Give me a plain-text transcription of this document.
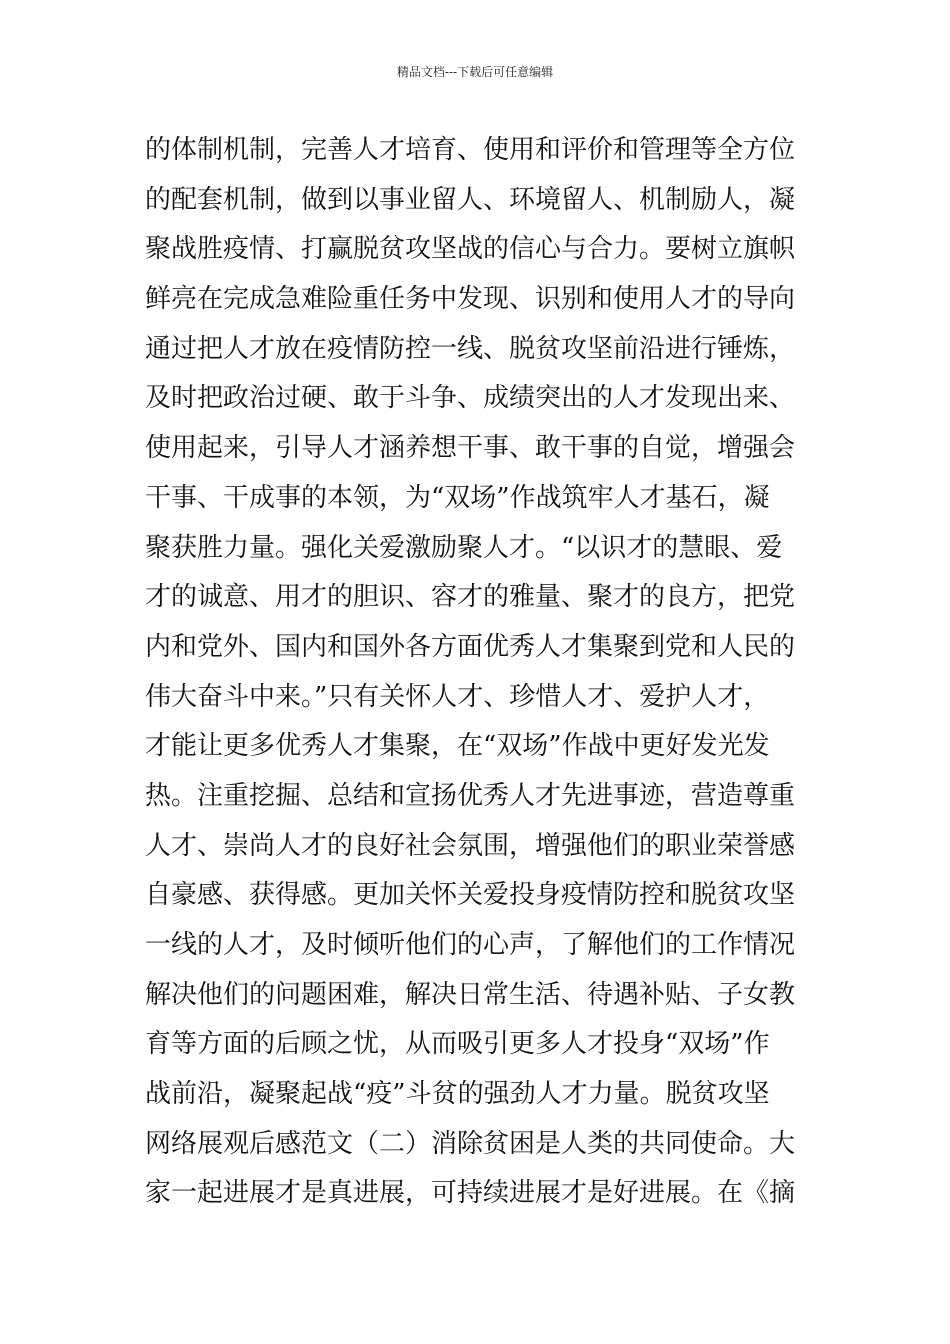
精品文档---下载后可任意编辑
的体制机制，完善人才培育、使用和评价和管理等全方位
的配套机制，做到以事业留人、环境留人、机制励人，凝
聚战胜疫情、打赢脱贫攻坚战的信心与合力。要树立旗帜
鲜亮在完成急难险重任务中发现、识别和使用人才的导向
通过把人才放在疫情防控一线、脱贫攻坚前沿进行锤炼，
及时把政治过硬、敢于斗争、成绩突出的人才发现出来、
使用起来，引导人才涵养想干事、敢干事的自觉，增强会
干事、干成事的本领，为“双场”作战筑牢人才基石，凝
聚获胜力量。强化关爱激励聚人才。“以识才的慧眼、爱
才的诚意、用才的胆识、容才的雅量、聚才的良方，把党
内和党外、国内和国外各方面优秀人才集聚到党和人民的
伟大奋斗中来。”只有关怀人才、珍惜人才、爱护人才，
才能让更多优秀人才集聚，在“双场”作战中更好发光发
热。注重挖掘、总结和宣扬优秀人才先进事迹，营造尊重
人才、崇尚人才的良好社会氛围，增强他们的职业荣誉感
自豪感、获得感。更加关怀关爱投身疫情防控和脱贫攻坚
一线的人才，及时倾听他们的心声，了解他们的工作情况
解决他们的问题困难，解决日常生活、待遇补贴、子女教
育等方面的后顾之忧，从而吸引更多人才投身“双场”作
战前沿，凝聚起战“疫”斗贫的强劲人才力量。脱贫攻坚
网络展观后感范文（二）消除贫困是人类的共同使命。大
家一起进展才是真进展，可持续进展才是好进展。在《摘
